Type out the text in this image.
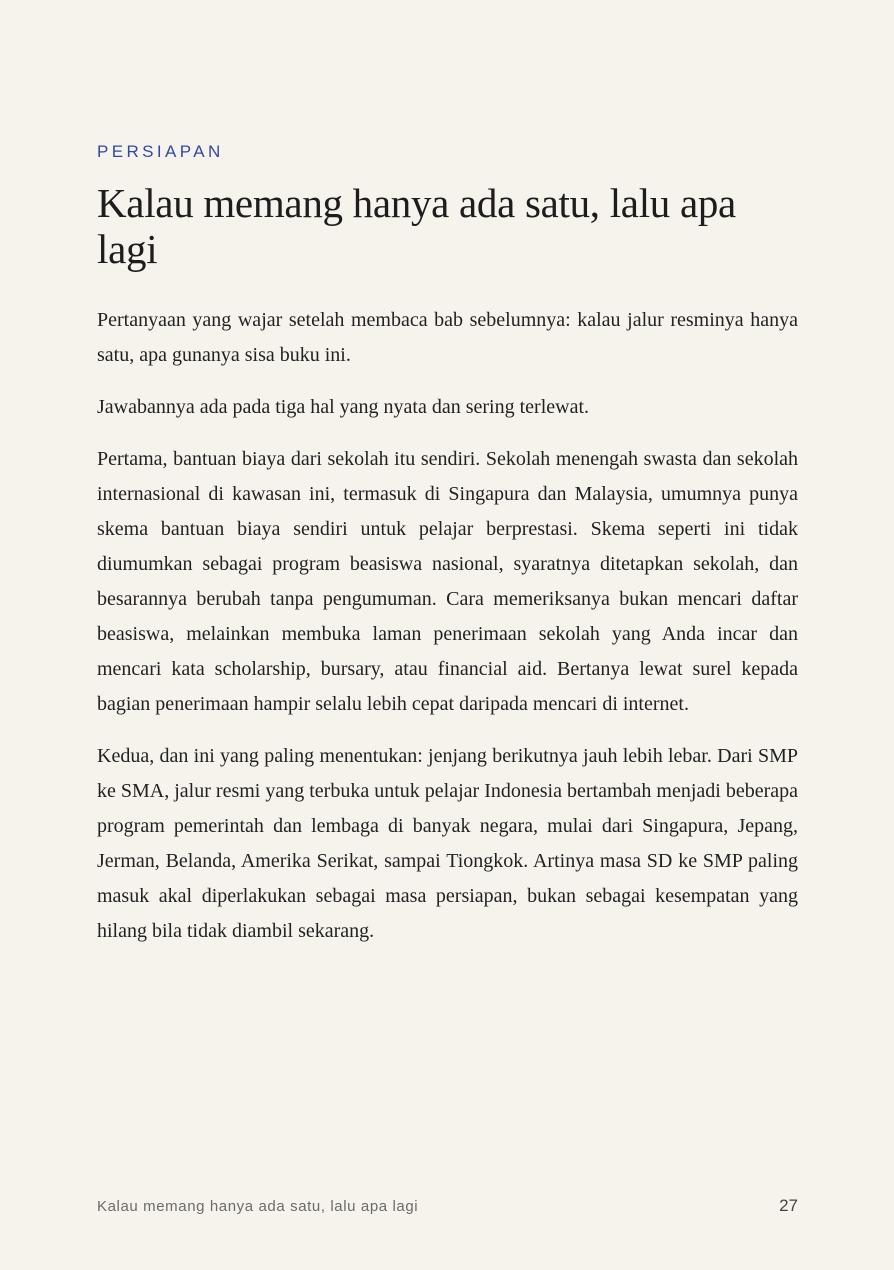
PERSIAPAN
Kalau memang hanya ada satu, lalu apa lagi

Pertanyaan yang wajar setelah membaca bab sebelumnya: kalau jalur resminya hanya satu, apa gunanya sisa buku ini.

Jawabannya ada pada tiga hal yang nyata dan sering terlewat.

Pertama, bantuan biaya dari sekolah itu sendiri. Sekolah menengah swasta dan sekolah internasional di kawasan ini, termasuk di Singapura dan Malaysia, umumnya punya skema bantuan biaya sendiri untuk pelajar berprestasi. Skema seperti ini tidak diumumkan sebagai program beasiswa nasional, syaratnya ditetapkan sekolah, dan besarannya berubah tanpa pengumuman. Cara memeriksanya bukan mencari daftar beasiswa, melainkan membuka laman penerimaan sekolah yang Anda incar dan mencari kata scholarship, bursary, atau financial aid. Bertanya lewat surel kepada bagian penerimaan hampir selalu lebih cepat daripada mencari di internet.

Kedua, dan ini yang paling menentukan: jenjang berikutnya jauh lebih lebar. Dari SMP ke SMA, jalur resmi yang terbuka untuk pelajar Indonesia bertambah menjadi beberapa program pemerintah dan lembaga di banyak negara, mulai dari Singapura, Jepang, Jerman, Belanda, Amerika Serikat, sampai Tiongkok. Artinya masa SD ke SMP paling masuk akal diperlakukan sebagai masa persiapan, bukan sebagai kesempatan yang hilang bila tidak diambil sekarang.

Kalau memang hanya ada satu, lalu apa lagi	27
